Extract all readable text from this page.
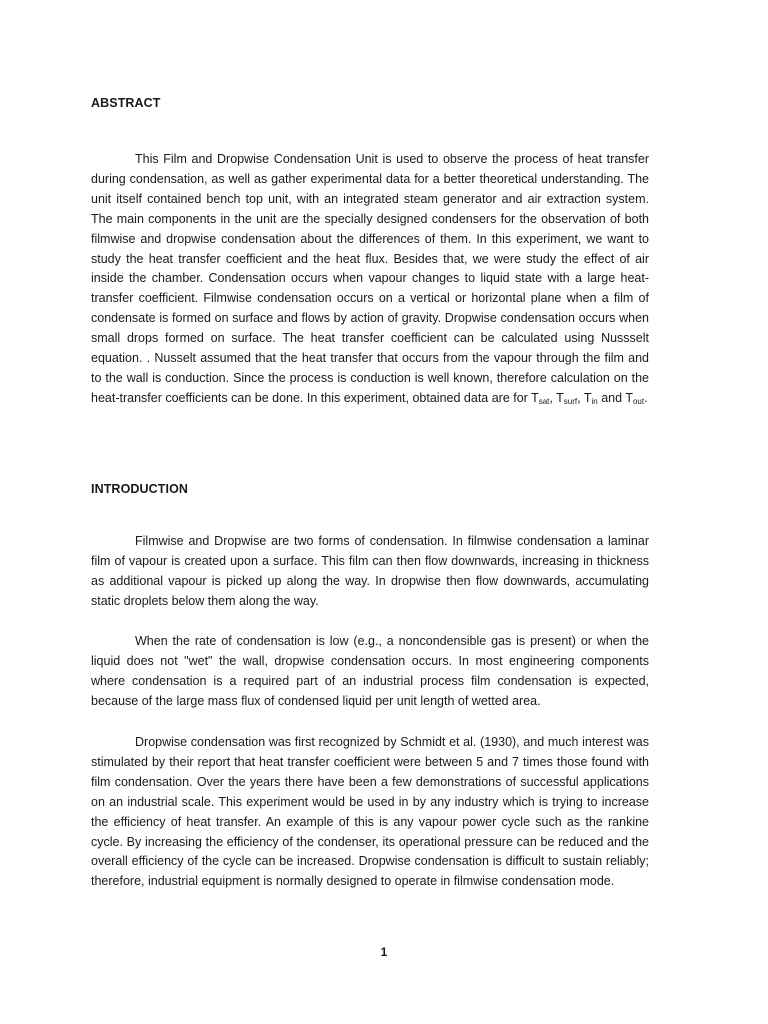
ABSTRACT

This Film and Dropwise Condensation Unit is used to observe the process of heat transfer during condensation, as well as gather experimental data for a better theoretical understanding. The unit itself contained bench top unit, with an integrated steam generator and air extraction system. The main components in the unit are the specially designed condensers for the observation of both filmwise and dropwise condensation about the differences of them. In this experiment, we want to study the heat transfer coefficient and the heat flux. Besides that, we were study the effect of air inside the chamber. Condensation occurs when vapour changes to liquid state with a large heat-transfer coefficient. Filmwise condensation occurs on a vertical or horizontal plane when a film of condensate is formed on surface and flows by action of gravity. Dropwise condensation occurs when small drops formed on surface. The heat transfer coefficient can be calculated using Nussselt equation. . Nusselt assumed that the heat transfer that occurs from the vapour through the film and to the wall is conduction. Since the process is conduction is well known, therefore calculation on the heat-transfer coefficients can be done. In this experiment, obtained data are for $T_{sat}$, $T_{surf}$, $T_{in}$ and $T_{out}$.

INTRODUCTION

Filmwise and Dropwise are two forms of condensation. In filmwise condensation a laminar film of vapour is created upon a surface. This film can then flow downwards, increasing in thickness as additional vapour is picked up along the way. In dropwise then flow downwards, accumulating static droplets below them along the way.

When the rate of condensation is low (e.g., a noncondensible gas is present) or when the liquid does not "wet" the wall, dropwise condensation occurs. In most engineering components where condensation is a required part of an industrial process film condensation is expected, because of the large mass flux of condensed liquid per unit length of wetted area.

Dropwise condensation was first recognized by Schmidt et al. (1930), and much interest was stimulated by their report that heat transfer coefficient were between 5 and 7 times those found with film condensation. Over the years there have been a few demonstrations of successful applications on an industrial scale. This experiment would be used in by any industry which is trying to increase the efficiency of heat transfer. An example of this is any vapour power cycle such as the rankine cycle. By increasing the efficiency of the condenser, its operational pressure can be reduced and the overall efficiency of the cycle can be increased. Dropwise condensation is difficult to sustain reliably; therefore, industrial equipment is normally designed to operate in filmwise condensation mode.

1
